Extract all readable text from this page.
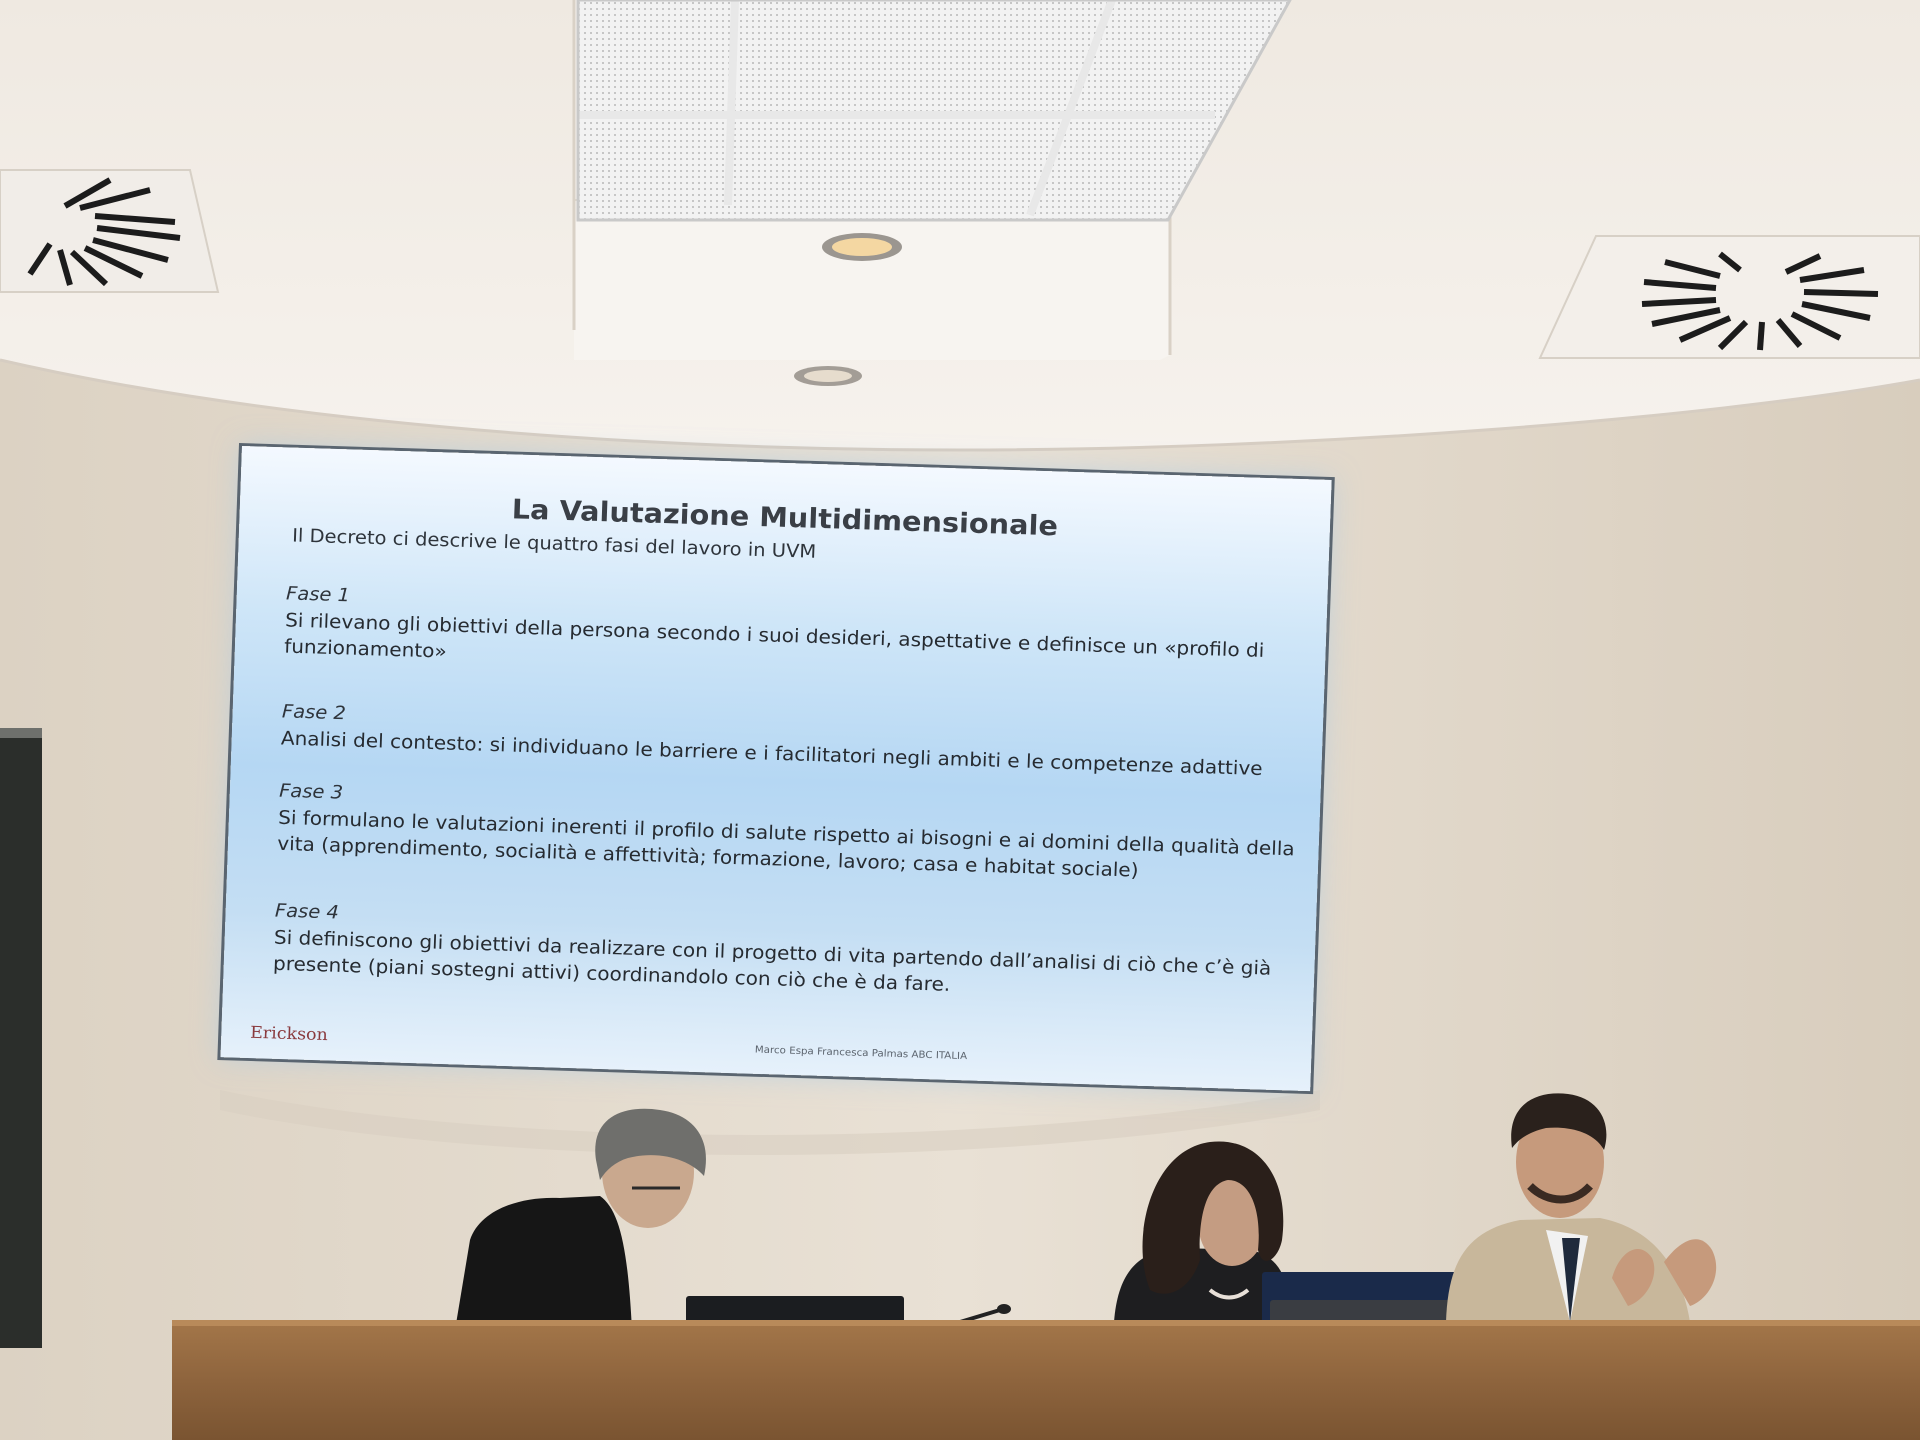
La Valutazione Multidimensionale
Il Decreto ci descrive le quattro fasi del lavoro in UVM
Fase 1
Si rilevano gli obiettivi della persona secondo i suoi desideri, aspettative e definisce un «profilo di funzionamento»
Fase 2
Analisi del contesto: si individuano le barriere e i facilitatori negli ambiti e le competenze adattive
Fase 3
Si formulano le valutazioni inerenti il profilo di salute rispetto ai bisogni e ai domini della qualità della vita (apprendimento, socialità e affettività; formazione, lavoro; casa e habitat sociale)
Fase 4
Si definiscono gli obiettivi da realizzare con il progetto di vita partendo dall’analisi di ciò che c’è già presente (piani sostegni attivi) coordinandolo con ciò che è da fare.
Erickson
Marco Espa Francesca Palmas ABC ITALIA
